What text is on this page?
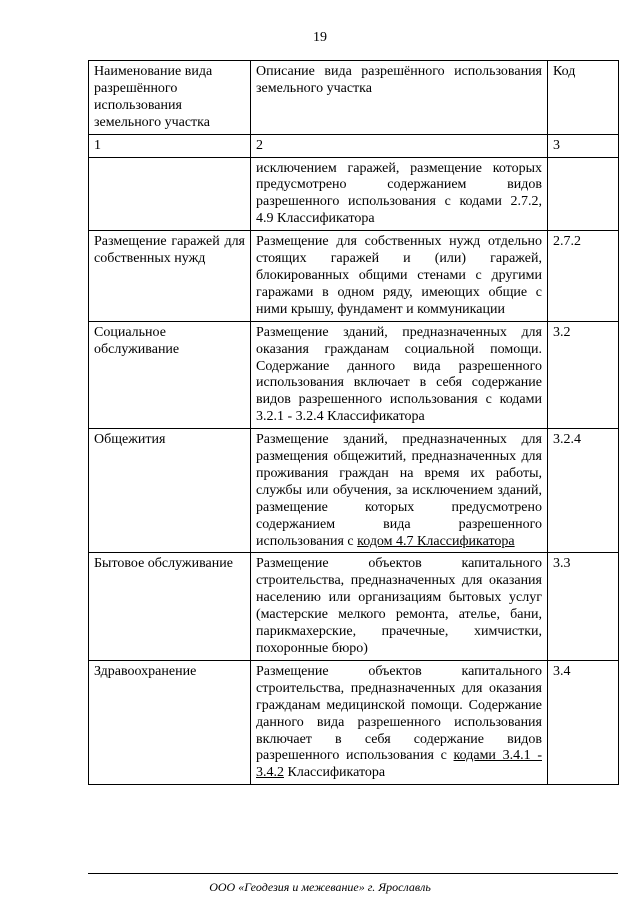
19
Наименование вида разрешённого использования земельного участка	Описание вида разрешённого использования земельного участка	Код
1	2	3
	исключением гаражей, размещение которых предусмотрено содержанием видов разрешенного использования с кодами 2.7.2, 4.9 Классификатора	
Размещение гаражей для собственных нужд	Размещение для собственных нужд отдельно стоящих гаражей и (или) гаражей, блокированных общими стенами с другими гаражами в одном ряду, имеющих общие с ними крышу, фундамент и коммуникации	2.7.2
Социальное обслуживание	Размещение зданий, предназначенных для оказания гражданам социальной помощи. Содержание данного вида разрешенного использования включает в себя содержание видов разрешенного использования с кодами 3.2.1 - 3.2.4 Классификатора	3.2
Общежития	Размещение зданий, предназначенных для размещения общежитий, предназначенных для проживания граждан на время их работы, службы или обучения, за исключением зданий, размещение которых предусмотрено содержанием вида разрешенного использования с кодом 4.7 Классификатора	3.2.4
Бытовое обслуживание	Размещение объектов капитального строительства, предназначенных для оказания населению или организациям бытовых услуг (мастерские мелкого ремонта, ателье, бани, парикмахерские, прачечные, химчистки, похоронные бюро)	3.3
Здравоохранение	Размещение объектов капитального строительства, предназначенных для оказания гражданам медицинской помощи. Содержание данного вида разрешенного использования включает в себя содержание видов разрешенного использования с кодами 3.4.1 - 3.4.2 Классификатора	3.4
ООО «Геодезия и межевание» г. Ярославль
